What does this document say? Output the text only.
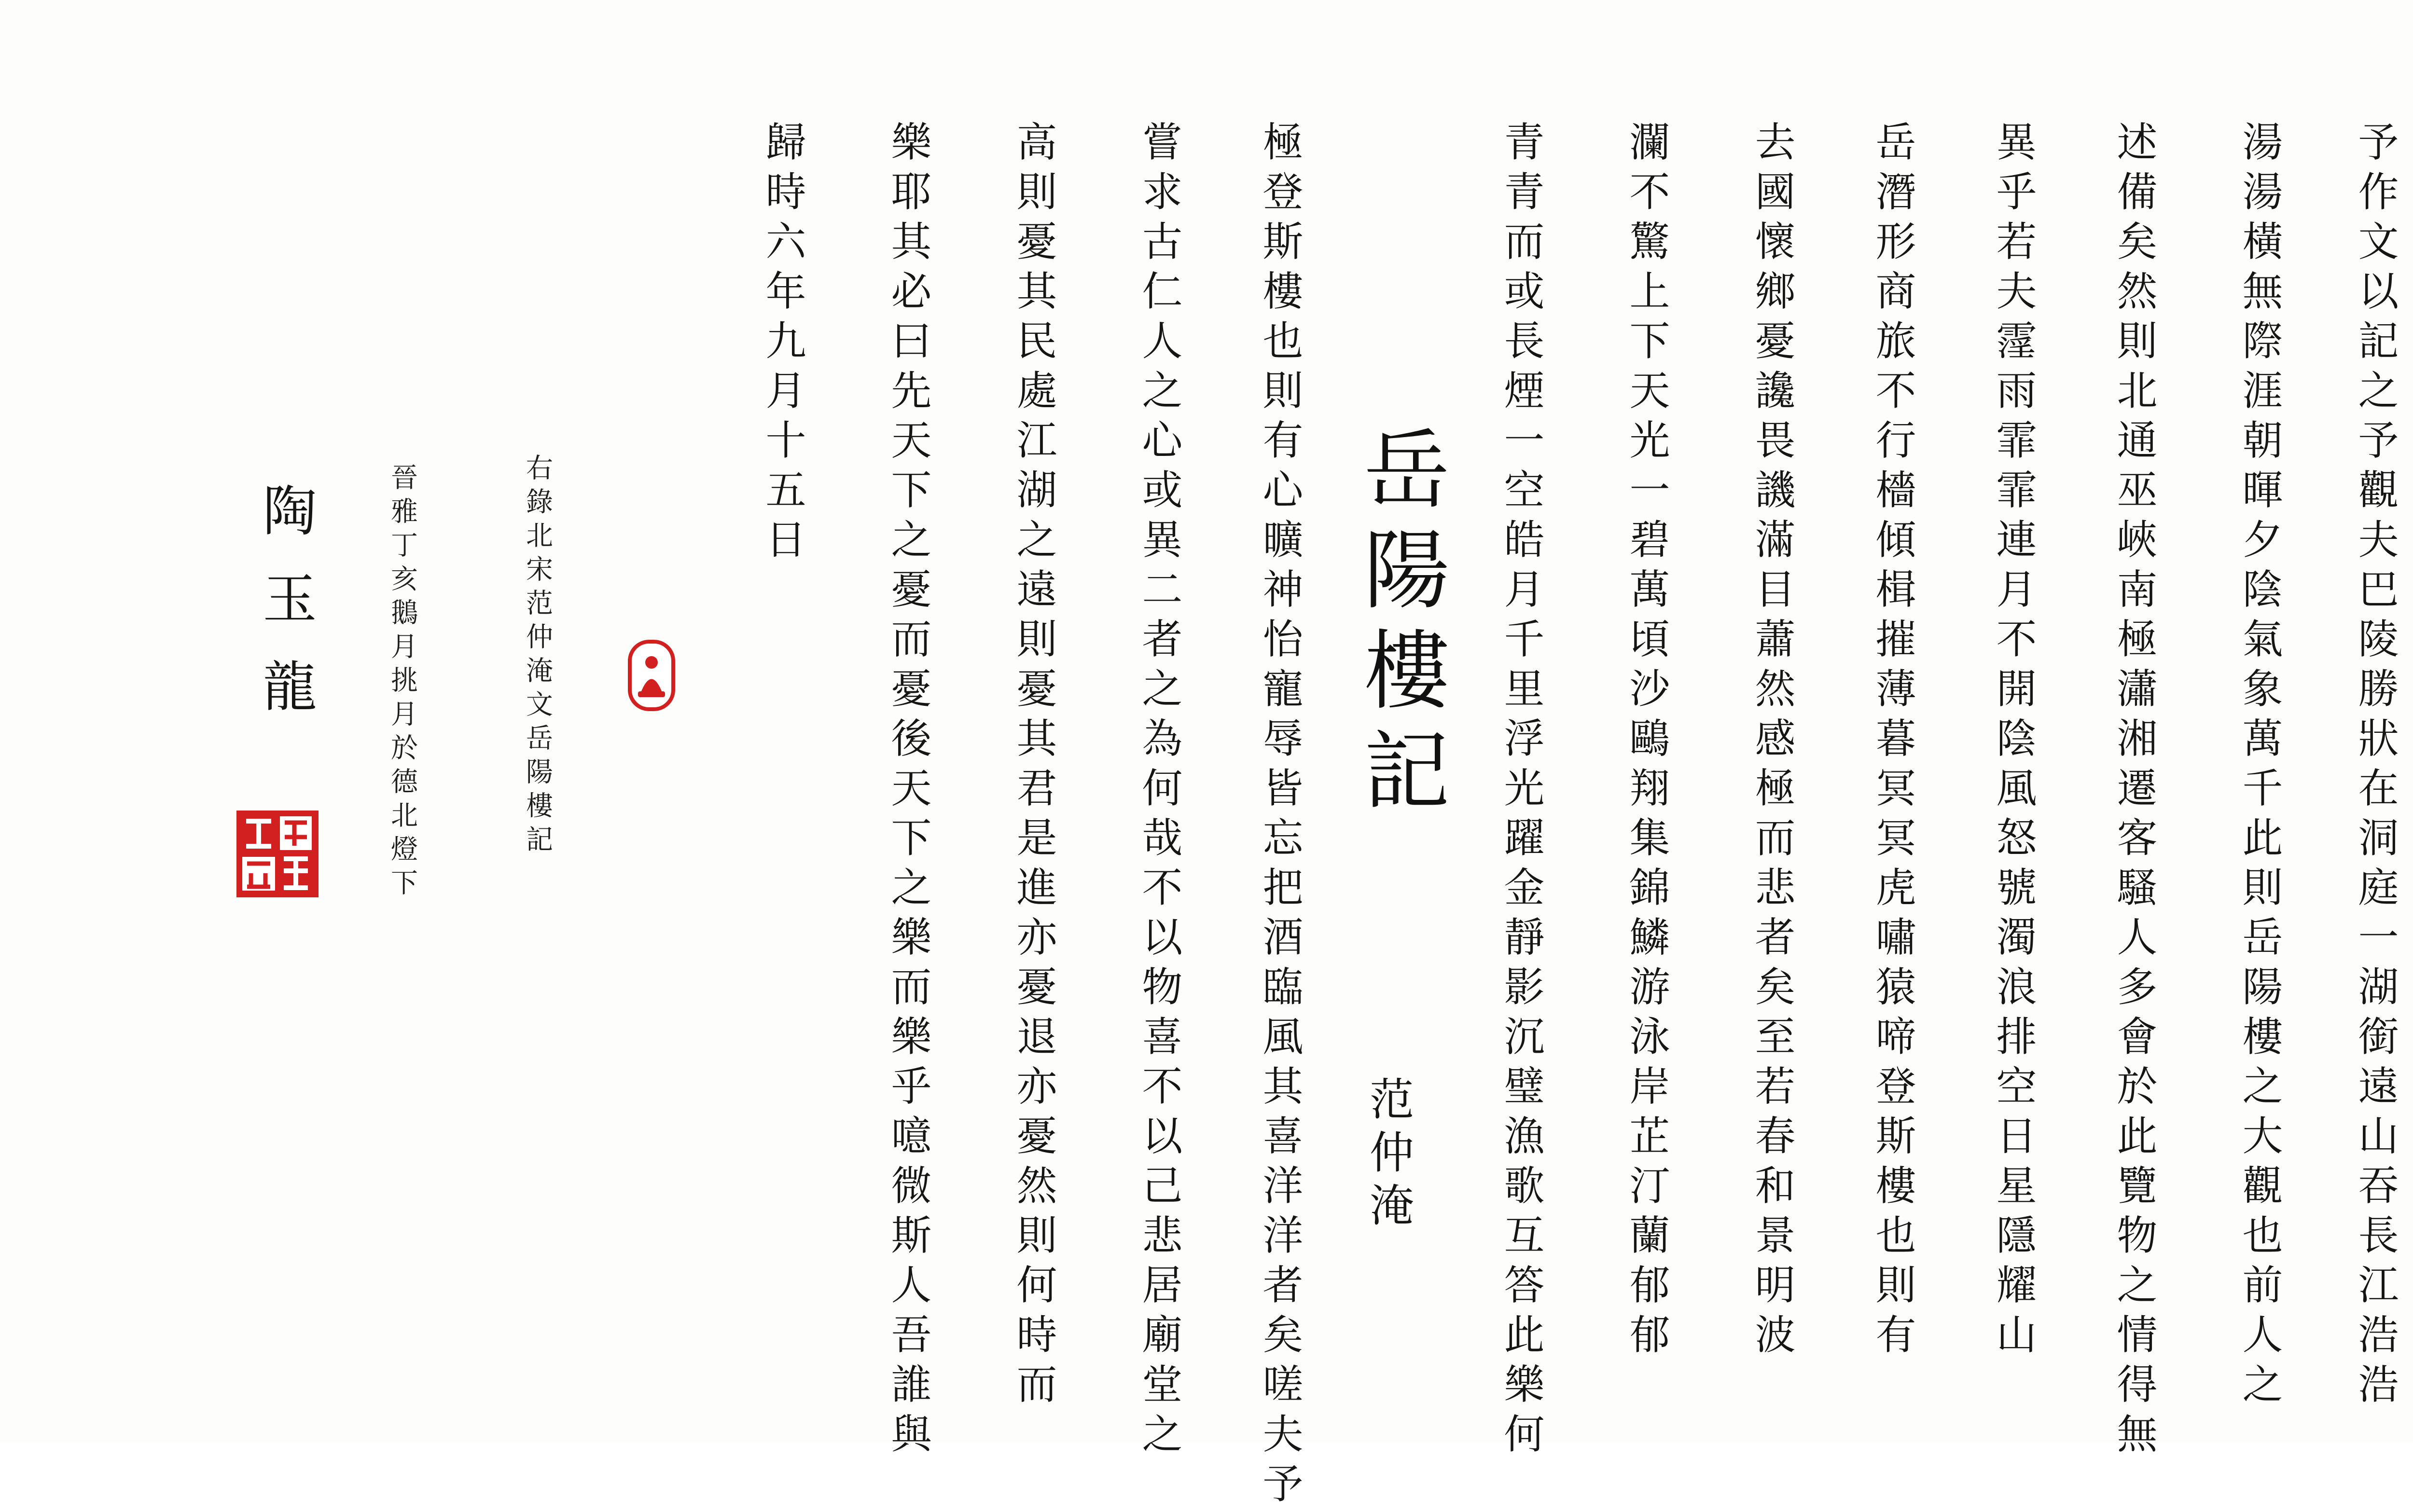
予作文以記之予觀夫巴陵勝狀在洞庭一湖銜遠山吞長江浩浩
湯湯橫無際涯朝暉夕陰氣象萬千此則岳陽樓之大觀也前人之
述備矣然則北通巫峽南極瀟湘遷客騷人多會於此覽物之情得無
異乎若夫霪雨霏霏連月不開陰風怒號濁浪排空日星隱耀山
岳潛形商旅不行檣傾楫摧薄暮冥冥虎嘯猿啼登斯樓也則有
去國懷鄉憂讒畏譏滿目蕭然感極而悲者矣至若春和景明波
瀾不驚上下天光一碧萬頃沙鷗翔集錦鱗游泳岸芷汀蘭郁郁
青青而或長煙一空皓月千里浮光躍金靜影沉璧漁歌互答此樂何
岳陽樓記
范仲淹
極登斯樓也則有心曠神怡寵辱皆忘把酒臨風其喜洋洋者矣嗟夫予
嘗求古仁人之心或異二者之為何哉不以物喜不以己悲居廟堂之
高則憂其民處江湖之遠則憂其君是進亦憂退亦憂然則何時而
樂耶其必曰先天下之憂而憂後天下之樂而樂乎噫微斯人吾誰與
歸時六年九月十五日
右錄北宋范仲淹文岳陽樓記
晉雅丁亥鵝月挑月於德北燈下
陶玉龍
